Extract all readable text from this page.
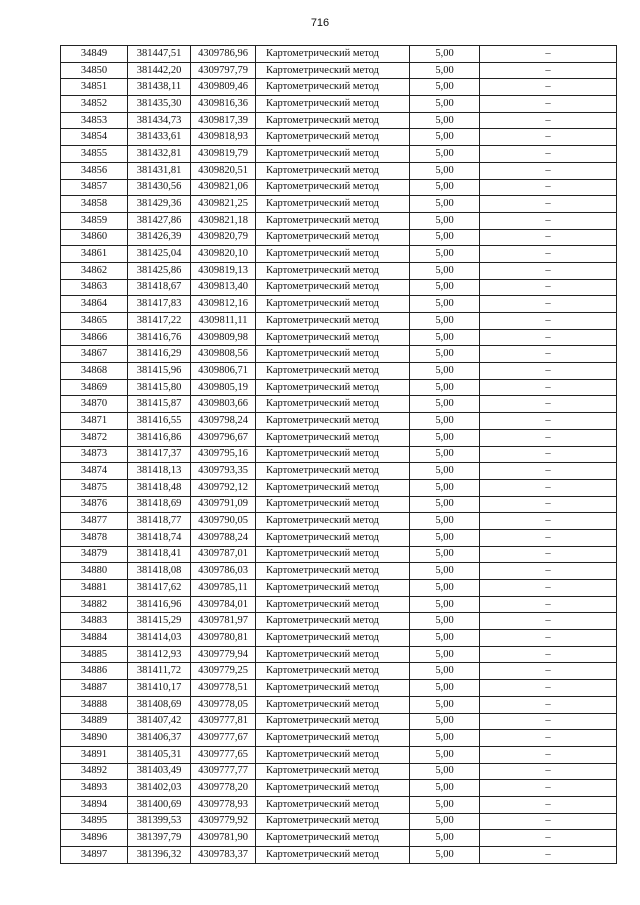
716
34849	381447,51	4309786,96	Картометрический метод	5,00	–
34850	381442,20	4309797,79	Картометрический метод	5,00	–
34851	381438,11	4309809,46	Картометрический метод	5,00	–
34852	381435,30	4309816,36	Картометрический метод	5,00	–
34853	381434,73	4309817,39	Картометрический метод	5,00	–
34854	381433,61	4309818,93	Картометрический метод	5,00	–
34855	381432,81	4309819,79	Картометрический метод	5,00	–
34856	381431,81	4309820,51	Картометрический метод	5,00	–
34857	381430,56	4309821,06	Картометрический метод	5,00	–
34858	381429,36	4309821,25	Картометрический метод	5,00	–
34859	381427,86	4309821,18	Картометрический метод	5,00	–
34860	381426,39	4309820,79	Картометрический метод	5,00	–
34861	381425,04	4309820,10	Картометрический метод	5,00	–
34862	381425,86	4309819,13	Картометрический метод	5,00	–
34863	381418,67	4309813,40	Картометрический метод	5,00	–
34864	381417,83	4309812,16	Картометрический метод	5,00	–
34865	381417,22	4309811,11	Картометрический метод	5,00	–
34866	381416,76	4309809,98	Картометрический метод	5,00	–
34867	381416,29	4309808,56	Картометрический метод	5,00	–
34868	381415,96	4309806,71	Картометрический метод	5,00	–
34869	381415,80	4309805,19	Картометрический метод	5,00	–
34870	381415,87	4309803,66	Картометрический метод	5,00	–
34871	381416,55	4309798,24	Картометрический метод	5,00	–
34872	381416,86	4309796,67	Картометрический метод	5,00	–
34873	381417,37	4309795,16	Картометрический метод	5,00	–
34874	381418,13	4309793,35	Картометрический метод	5,00	–
34875	381418,48	4309792,12	Картометрический метод	5,00	–
34876	381418,69	4309791,09	Картометрический метод	5,00	–
34877	381418,77	4309790,05	Картометрический метод	5,00	–
34878	381418,74	4309788,24	Картометрический метод	5,00	–
34879	381418,41	4309787,01	Картометрический метод	5,00	–
34880	381418,08	4309786,03	Картометрический метод	5,00	–
34881	381417,62	4309785,11	Картометрический метод	5,00	–
34882	381416,96	4309784,01	Картометрический метод	5,00	–
34883	381415,29	4309781,97	Картометрический метод	5,00	–
34884	381414,03	4309780,81	Картометрический метод	5,00	–
34885	381412,93	4309779,94	Картометрический метод	5,00	–
34886	381411,72	4309779,25	Картометрический метод	5,00	–
34887	381410,17	4309778,51	Картометрический метод	5,00	–
34888	381408,69	4309778,05	Картометрический метод	5,00	–
34889	381407,42	4309777,81	Картометрический метод	5,00	–
34890	381406,37	4309777,67	Картометрический метод	5,00	–
34891	381405,31	4309777,65	Картометрический метод	5,00	–
34892	381403,49	4309777,77	Картометрический метод	5,00	–
34893	381402,03	4309778,20	Картометрический метод	5,00	–
34894	381400,69	4309778,93	Картометрический метод	5,00	–
34895	381399,53	4309779,92	Картометрический метод	5,00	–
34896	381397,79	4309781,90	Картометрический метод	5,00	–
34897	381396,32	4309783,37	Картометрический метод	5,00	–
